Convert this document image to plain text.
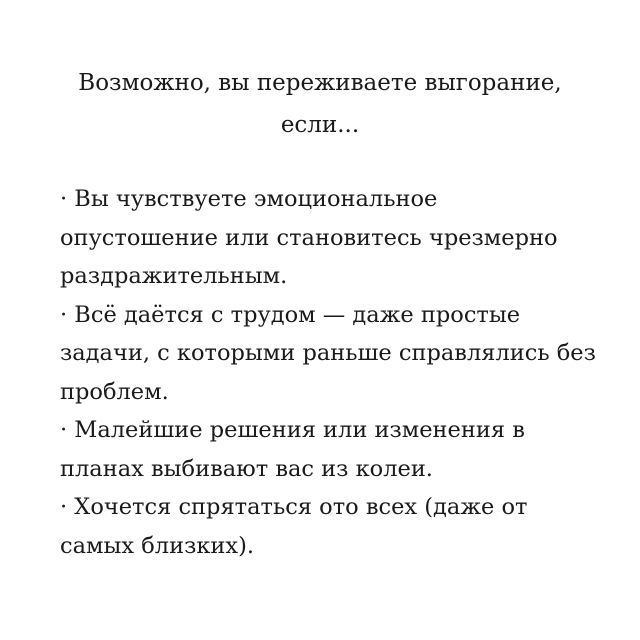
Возможно, вы переживаете выгорание,
если...
· Вы чувствуете эмоциональное
опустошение или становитесь чрезмерно
раздражительным.
· Всё даётся с трудом — даже простые
задачи, с которыми раньше справлялись без
проблем.
· Малейшие решения или изменения в
планах выбивают вас из колеи.
· Хочется спрятаться ото всех (даже от
самых близких).
